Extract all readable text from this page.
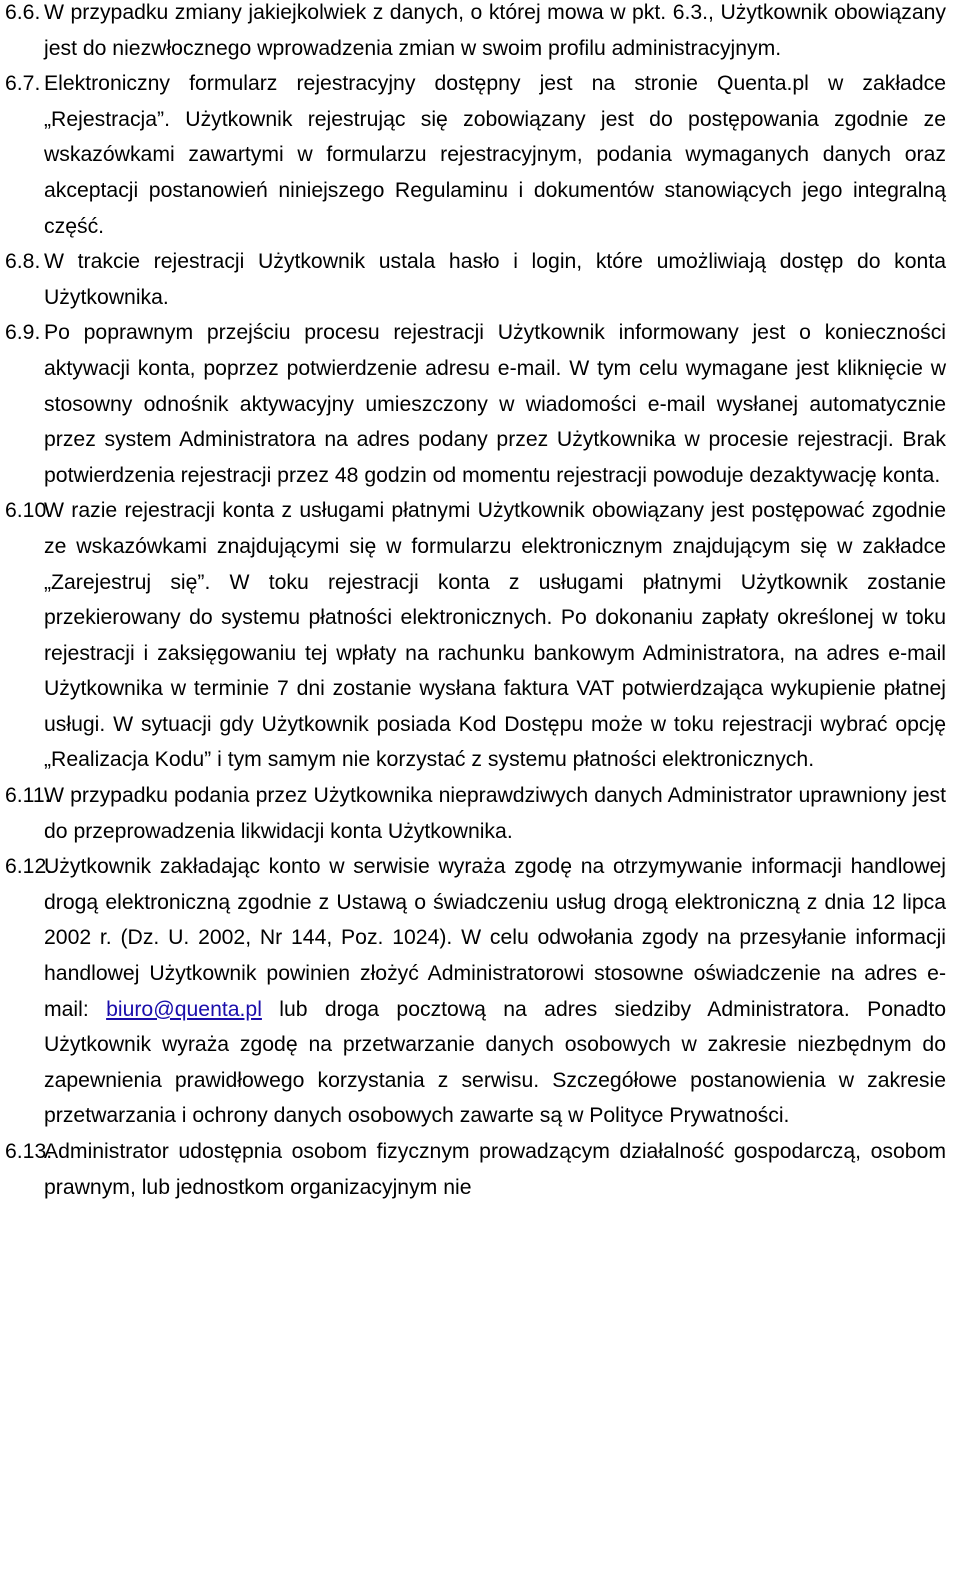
6.6. W przypadku zmiany jakiejkolwiek z danych, o której mowa w pkt. 6.3., Użytkownik obowiązany jest do niezwłocznego wprowadzenia zmian w swoim profilu administracyjnym.
6.7. Elektroniczny formularz rejestracyjny dostępny jest na stronie Quenta.pl w zakładce „Rejestracja”. Użytkownik rejestrując się zobowiązany jest do postępowania zgodnie ze wskazówkami zawartymi w formularzu rejestracyjnym, podania wymaganych danych oraz akceptacji postanowień niniejszego Regulaminu i dokumentów stanowiących jego integralną część.
6.8. W trakcie rejestracji Użytkownik ustala hasło i login, które umożliwiają dostęp do konta Użytkownika.
6.9. Po poprawnym przejściu procesu rejestracji Użytkownik informowany jest o konieczności aktywacji konta, poprzez potwierdzenie adresu e-mail. W tym celu wymagane jest kliknięcie w stosowny odnośnik aktywacyjny umieszczony w wiadomości e-mail wysłanej automatycznie przez system Administratora na adres podany przez Użytkownika w procesie rejestracji. Brak potwierdzenia rejestracji przez 48 godzin od momentu rejestracji powoduje dezaktywację konta.
6.10.
W razie rejestracji konta z usługami płatnymi Użytkownik obowiązany jest postępować zgodnie ze wskazówkami znajdującymi się w formularzu elektronicznym znajdującym się w zakładce „Zarejestruj się”. W toku rejestracji konta z usługami płatnymi Użytkownik zostanie przekierowany do systemu płatności elektronicznych. Po dokonaniu zapłaty określonej w toku rejestracji i zaksięgowaniu tej wpłaty na rachunku bankowym Administratora, na adres e-mail Użytkownika w terminie 7 dni zostanie wysłana faktura VAT potwierdzająca wykupienie płatnej usługi. W sytuacji gdy Użytkownik posiada Kod Dostępu może w toku rejestracji wybrać opcję „Realizacja Kodu” i tym samym nie korzystać z systemu płatności elektronicznych.
6.11.
W przypadku podania przez Użytkownika nieprawdziwych danych Administrator uprawniony jest do przeprowadzenia likwidacji konta Użytkownika.
6.12.
Użytkownik zakładając konto w serwisie wyraża zgodę na otrzymywanie informacji handlowej drogą elektroniczną zgodnie z Ustawą o świadczeniu usług drogą elektroniczną z dnia 12 lipca 2002 r. (Dz. U. 2002, Nr 144, Poz. 1024). W celu odwołania zgody na przesyłanie informacji handlowej Użytkownik powinien złożyć Administratorowi stosowne oświadczenie na adres e-mail: biuro@quenta.pl lub droga pocztową na adres siedziby Administratora. Ponadto Użytkownik wyraża zgodę na przetwarzanie danych osobowych w zakresie niezbędnym do zapewnienia prawidłowego korzystania z serwisu. Szczegółowe postanowienia w zakresie przetwarzania i ochrony danych osobowych zawarte są w Polityce Prywatności.
6.13.
Administrator udostępnia osobom fizycznym prowadzącym działalność gospodarczą, osobom prawnym, lub jednostkom organizacyjnym nie
